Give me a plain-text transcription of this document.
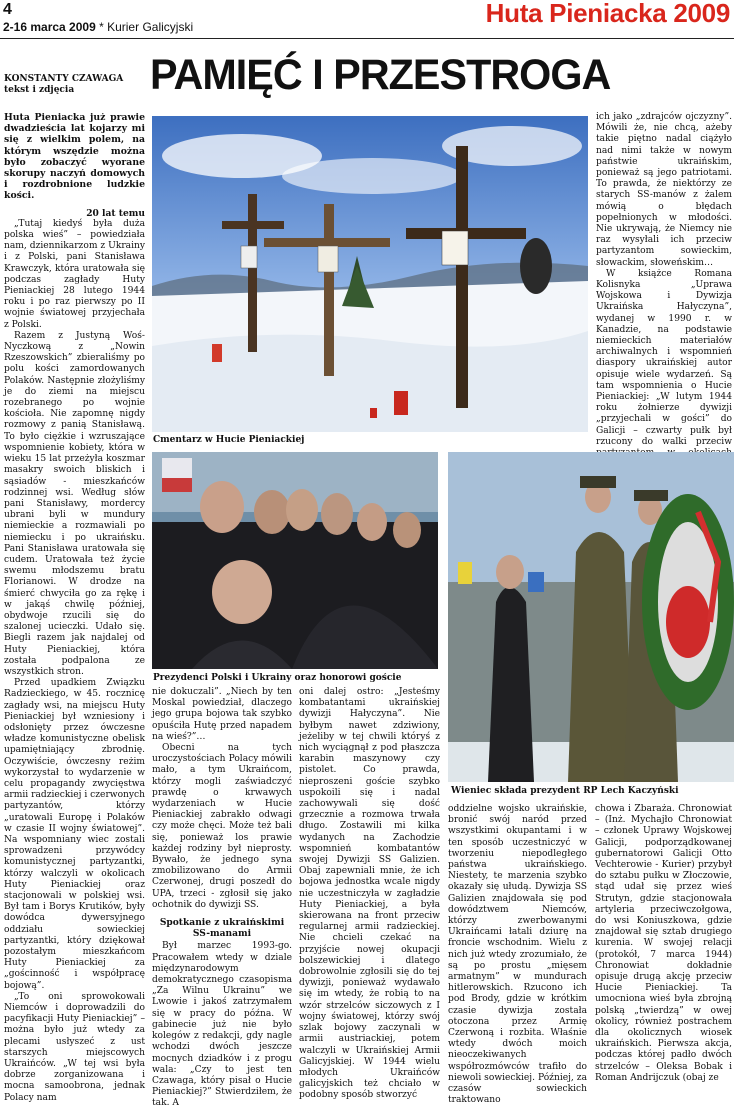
4
2-16 marca 2009 * Kurier Galicyjski	Huta Pieniacka 2009
KONSTANTY CZAWAGA
tekst i zdjęcia	PAMIĘĆ I PRZESTROGA

Huta Pieniacka już prawie dwadzieścia lat kojarzy mi się z wielkim polem, na którym wszędzie można było zobaczyć wyorane skorupy naczyń domowych i rozdrobnione ludzkie kości.

20 lat temu

„Tutaj kiedyś była duża polska wieś” – powiedziała nam, dziennikarzom z Ukrainy i z Polski, pani Stanisława Krawczyk, która uratowała się podczas zagłady Huty Pieniackiej 28 lutego 1944 roku i po raz pierwszy po II wojnie światowej przyjechała z Polski.

Razem z Justyną Woś-Nyczkową z „Nowin Rzeszowskich” zbieraliśmy po polu kości zamordowanych Polaków. Następnie złożyliśmy je do ziemi na miejscu rozebranego po wojnie kościoła. Nie zapomnę nigdy rozmowy z panią Stanisławą. To było ciężkie i wzruszające wspomnienie kobiety, która w wieku 15 lat przeżyła koszmar masakry swoich bliskich i sąsiadów - mieszkańców rodzinnej wsi. Według słów pani Stanisławy, mordercy ubrani byli w mundury niemieckie a rozmawiali po niemiecku i po ukraińsku. Pani Stanisława uratowała się cudem. Uratowała też życie swemu młodszemu bratu Florianowi. W drodze na śmierć chwyciła go za rękę i w jakąś chwilę później, obydwoje rzucili się do szalonej ucieczki. Udało się. Biegli razem jak najdalej od Huty Pieniackiej, która została podpalona ze wszystkich stron.

Przed upadkiem Związku Radzieckiego, w 45. rocznicę zagłady wsi, na miejscu Huty Pieniackiej był wzniesiony i odsłonięty przez ówczesne władze komunistyczne obelisk upamiętniający zbrodnię. Oczywiście, ówczesny reżim wykorzystał to wydarzenie w celu propagandy zwycięstwa armii radzieckiej i czerwonych partyzantów, którzy „uratowali Europę i Polaków w czasie II wojny światowej”. Na wspomniany wiec zostali sprowadzeni przywódcy komunistycznej partyzantki, którzy walczyli w okolicach Huty Pieniackiej oraz stacjonowali w polskiej wsi. Był tam i Borys Krutików, były dowódca dywersyjnego oddziału sowieckiej partyzantki, który dziękował pozostałym mieszkańcom Huty Pieniackiej za „gościnność i współpracę bojową”.

„To oni sprowokowali Niemców i doprowadzili do pacyfikacji Huty Pieniackiej” – można było już wtedy za plecami usłyszeć z ust starszych miejscowych Ukraińców. „W tej wsi była dobrze zorganizowana i mocna samoobrona, jednak Polacy nam

Cmentarz w Hucie Pieniackiej

ich jako „zdrajców ojczyzny”. Mówili że, nie chcą, ażeby takie piętno nadal ciążyło nad nimi także w nowym państwie ukraińskim, ponieważ są jego patriotami. To prawda, że niektórzy ze starych SS-manów z żalem mówią o błędach popełnionych w młodości. Nie ukrywają, że Niemcy nie raz wysyłali ich przeciw partyzantom sowieckim, słowackim, słoweńskim…

W książce Romana Kolisnyka „Uprawa Wojskowa i Dywizja Ukraińska Hałyczyna”, wydanej w 1990 r. w Kanadzie, na podstawie niemieckich materiałów archiwalnych i wspomnień diaspory ukraińskiej autor opisuje wiele wydarzeń. Są tam wspomnienia o Hucie Pieniackiej: „W lutym 1944 roku żołnierze dywizji „przyjechali w gości” do Galicji – czwarty pułk był rzucony do walki przeciw

Prezydenci Polski i Ukrainy oraz honorowi goście
Wieniec składa prezydent RP Lech Kaczyński

nie dokuczali”. „Niech by ten Moskal powiedział, dlaczego jego grupa bojowa tak szybko opuściła Hutę przed napadem na wieś?”…

Obecni na tych uroczystościach Polacy mówili mało, a tym Ukraińcom, którzy mogli zaświadczyć prawdę o krwawych wydarzeniach w Hucie Pieniackiej zabrakło odwagi czy może chęci. Może też bali się, ponieważ los prawie każdej rodziny był nieprosty. Bywało, że jednego syna zmobilizowano do Armii Czerwonej, drugi poszedł do UPA, trzeci - zgłosił się jako ochotnik do dywizji SS.

Spotkanie z ukraińskimi SS-manami

Był marzec 1993-go. Pracowałem wtedy w dziale międzynarodowym demokratycznego czasopisma „Za Wilnu Ukrainu” we Lwowie i jakoś zatrzymałem się w pracy do późna. W gabinecie już nie było kolegów z redakcji, gdy nagle wchodzi dwóch jeszcze mocnych dziadków i z progu wala: „Czy to jest ten Czawaga, który pisał o Hucie Pieniackiej?” Stwierdziłem, że tak. A

oni dalej ostro: „Jesteśmy kombatantami ukraińskiej dywizji Hałyczyna”. Nie byłbym nawet zdziwiony, jeżeliby w tej chwili któryś z nich wyciągnął z pod płaszcza karabin maszynowy czy pistolet. Co prawda, nieproszeni goście szybko uspokoili się i nadal zachowywali się dość grzecznie a rozmowa trwała długo. Zostawili mi kilka wydanych na Zachodzie wspomnień kombatantów swojej Dywizji SS Galizien. Obaj zapewniali mnie, że ich bojowa jednostka wcale nigdy nie uczestniczyła w zagładzie Huty Pieniackiej, a była skierowana na front przeciw regularnej armii radzieckiej. Nie chcieli czekać na przyjście nowej okupacji bolszewickiej i dlatego dobrowolnie zgłosili się do tej dywizji, ponieważ wydawało się im wtedy, że robią to na wzór strzelców siczowych z I wojny światowej, którzy swój szlak bojowy zaczynali w armii austriackiej, potem walczyli w Ukraińskiej Armii Galicyjskiej. W 1944 wielu młodych Ukraińców galicyjskich też chciało w podobny sposób stworzyć

oddzielne wojsko ukraińskie, bronić swój naród przed wszystkimi okupantami i w ten sposób uczestniczyć w tworzeniu niepodległego państwa ukraińskiego. Niestety, te marzenia szybko okazały się ułudą. Dywizja SS Galizien znajdowała się pod dowództwem Niemców, którzy zwerbowanymi Ukraińcami łatali dziurę na froncie wschodnim. Wielu z nich już wtedy zrozumiało, że są po prostu „mięsem armatnym” w mundurach hitlerowskich. Rzucono ich pod Brody, gdzie w krótkim czasie dywizja została otoczona przez Armię Czerwoną i rozbita. Właśnie wtedy dwóch moich nieoczekiwanych współrozmówców trafiło do niewoli sowieckiej. Później, za czasów sowieckich traktowano

chowa i Zbaraża. Chronowiat – (Inż. Mychajło Chronowiat – członek Uprawy Wojskowej Galicji, podporządkowanej gubernatorowi Galicji Otto Vechterowie - Kurier) przybył do sztabu pułku w Złoczowie, stąd udał się przez wieś Strutyn, gdzie stacjonowała artyleria przeciwczołgowa, do wsi Koniuszkowa, gdzie znajdował się sztab drugiego kurenia. W swojej relacji (protokół, 7 marca 1944) Chronowiat dokładnie opisuje drugą akcję przeciw Hucie Pieniackiej. Ta umocniona wieś była zbrojną polską „twierdzą” w owej okolicy, również postrachem dla okolicznych wiosek ukraińskich. Pierwsza akcja, podczas której padło dwóch strzelców – Oleksa Bobak i Roman Andrijczuk (obaj ze
